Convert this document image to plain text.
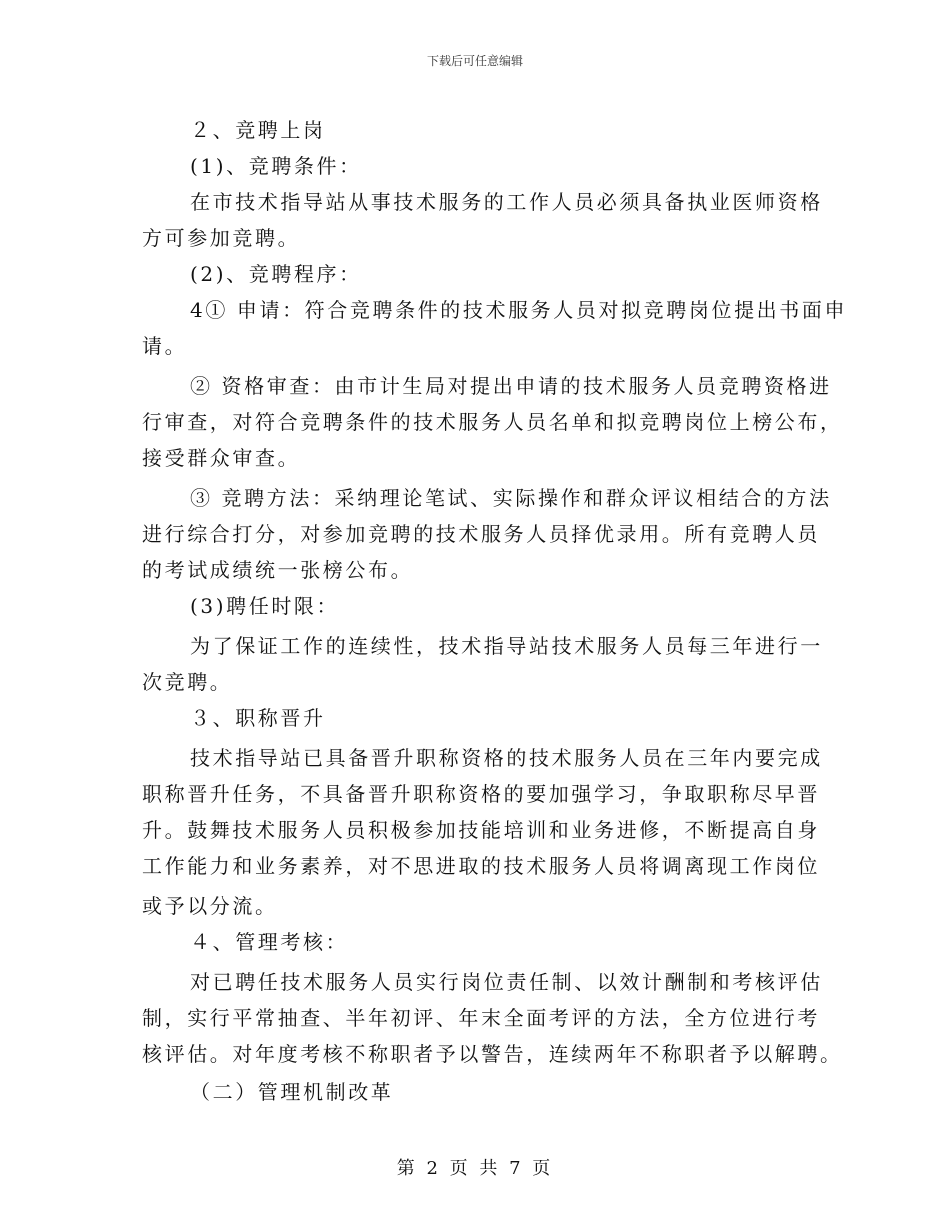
下载后可任意编辑
２、竞聘上岗
(1)、竞聘条件：
在市技术指导站从事技术服务的工作人员必须具备执业医师资格
方可参加竞聘。
(2)、竞聘程序：
4① 申请：符合竞聘条件的技术服务人员对拟竞聘岗位提出书面申
请。
② 资格审查：由市计生局对提出申请的技术服务人员竞聘资格进
行审查，对符合竞聘条件的技术服务人员名单和拟竞聘岗位上榜公布，
接受群众审查。
③ 竞聘方法：采纳理论笔试、实际操作和群众评议相结合的方法
进行综合打分，对参加竞聘的技术服务人员择优录用。所有竞聘人员
的考试成绩统一张榜公布。
(3)聘任时限：
为了保证工作的连续性，技术指导站技术服务人员每三年进行一
次竞聘。
３、职称晋升
技术指导站已具备晋升职称资格的技术服务人员在三年内要完成
职称晋升任务，不具备晋升职称资格的要加强学习，争取职称尽早晋
升。鼓舞技术服务人员积极参加技能培训和业务进修，不断提高自身
工作能力和业务素养，对不思进取的技术服务人员将调离现工作岗位
或予以分流。
４、管理考核：
对已聘任技术服务人员实行岗位责任制、以效计酬制和考核评估
制，实行平常抽查、半年初评、年末全面考评的方法，全方位进行考
核评估。对年度考核不称职者予以警告，连续两年不称职者予以解聘。
（二）管理机制改革
第 2 页 共 7 页
